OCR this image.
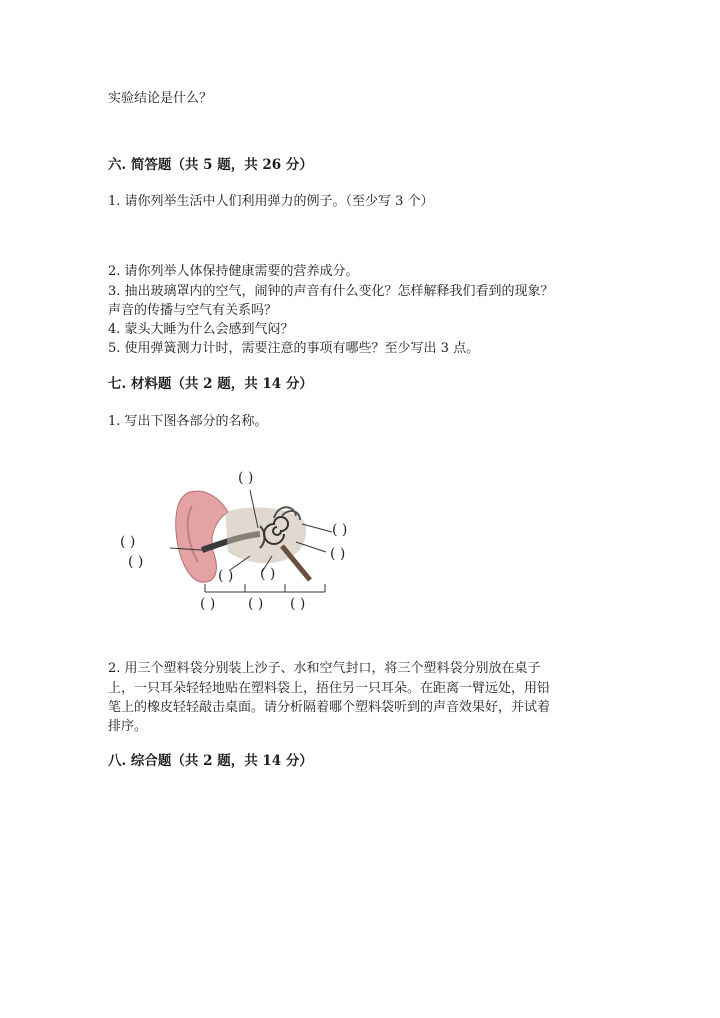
实验结论是什么？
六. 简答题（共 5 题，共 26 分）
1. 请你列举生活中人们利用弹力的例子。（至少写 3 个）
2. 请你列举人体保持健康需要的营养成分。
3. 抽出玻璃罩内的空气，闹钟的声音有什么变化？怎样解释我们看到的现象？
声音的传播与空气有关系吗？
4. 蒙头大睡为什么会感到气闷？
5. 使用弹簧测力计时，需要注意的事项有哪些？至少写出 3 点。
七. 材料题（共 2 题，共 14 分）
1. 写出下图各部分的名称。
( )
( )
( )
( )
( )
( ) ( )
( ) ( ) ( )
2. 用三个塑料袋分别装上沙子、水和空气封口，将三个塑料袋分别放在桌子
上，一只耳朵轻轻地贴在塑料袋上，捂住另一只耳朵。在距离一臂远处，用铅
笔上的橡皮轻轻敲击桌面。请分析隔着哪个塑料袋听到的声音效果好，并试着
排序。
八. 综合题（共 2 题，共 14 分）
